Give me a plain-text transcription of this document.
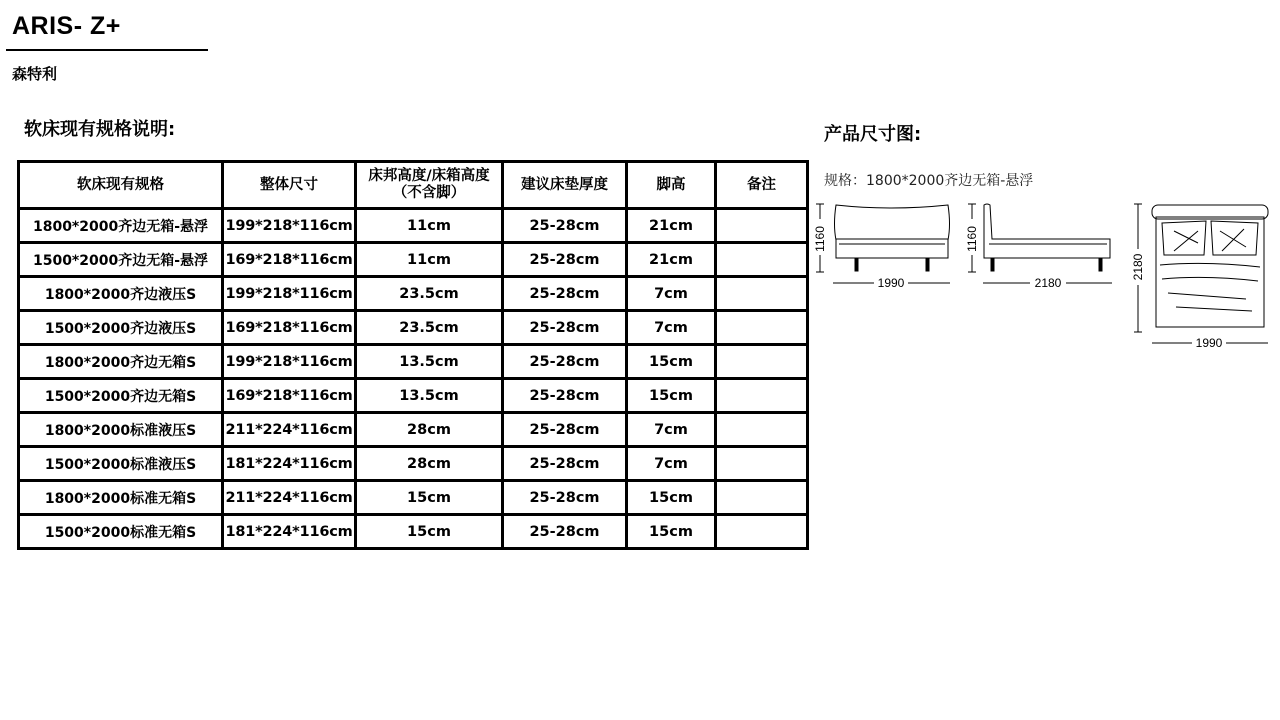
ARIS- Z+
森特利
软床现有规格说明:
软床现有规格	整体尺寸	床邦高度/床箱高度（不含脚）	建议床垫厚度	脚高	备注
1800*2000齐边无箱-悬浮	199*218*116cm	11cm	25-28cm	21cm	
1500*2000齐边无箱-悬浮	169*218*116cm	11cm	25-28cm	21cm	
1800*2000齐边液压S	199*218*116cm	23.5cm	25-28cm	7cm	
1500*2000齐边液压S	169*218*116cm	23.5cm	25-28cm	7cm	
1800*2000齐边无箱S	199*218*116cm	13.5cm	25-28cm	15cm	
1500*2000齐边无箱S	169*218*116cm	13.5cm	25-28cm	15cm	
1800*2000标准液压S	211*224*116cm	28cm	25-28cm	7cm	
1500*2000标准液压S	181*224*116cm	28cm	25-28cm	7cm	
1800*2000标准无箱S	211*224*116cm	15cm	25-28cm	15cm	
1500*2000标准无箱S	181*224*116cm	15cm	25-28cm	15cm	
产品尺寸图:
规格：1800*2000齐边无箱-悬浮
1160
1990
1160
2180
2180
1990
